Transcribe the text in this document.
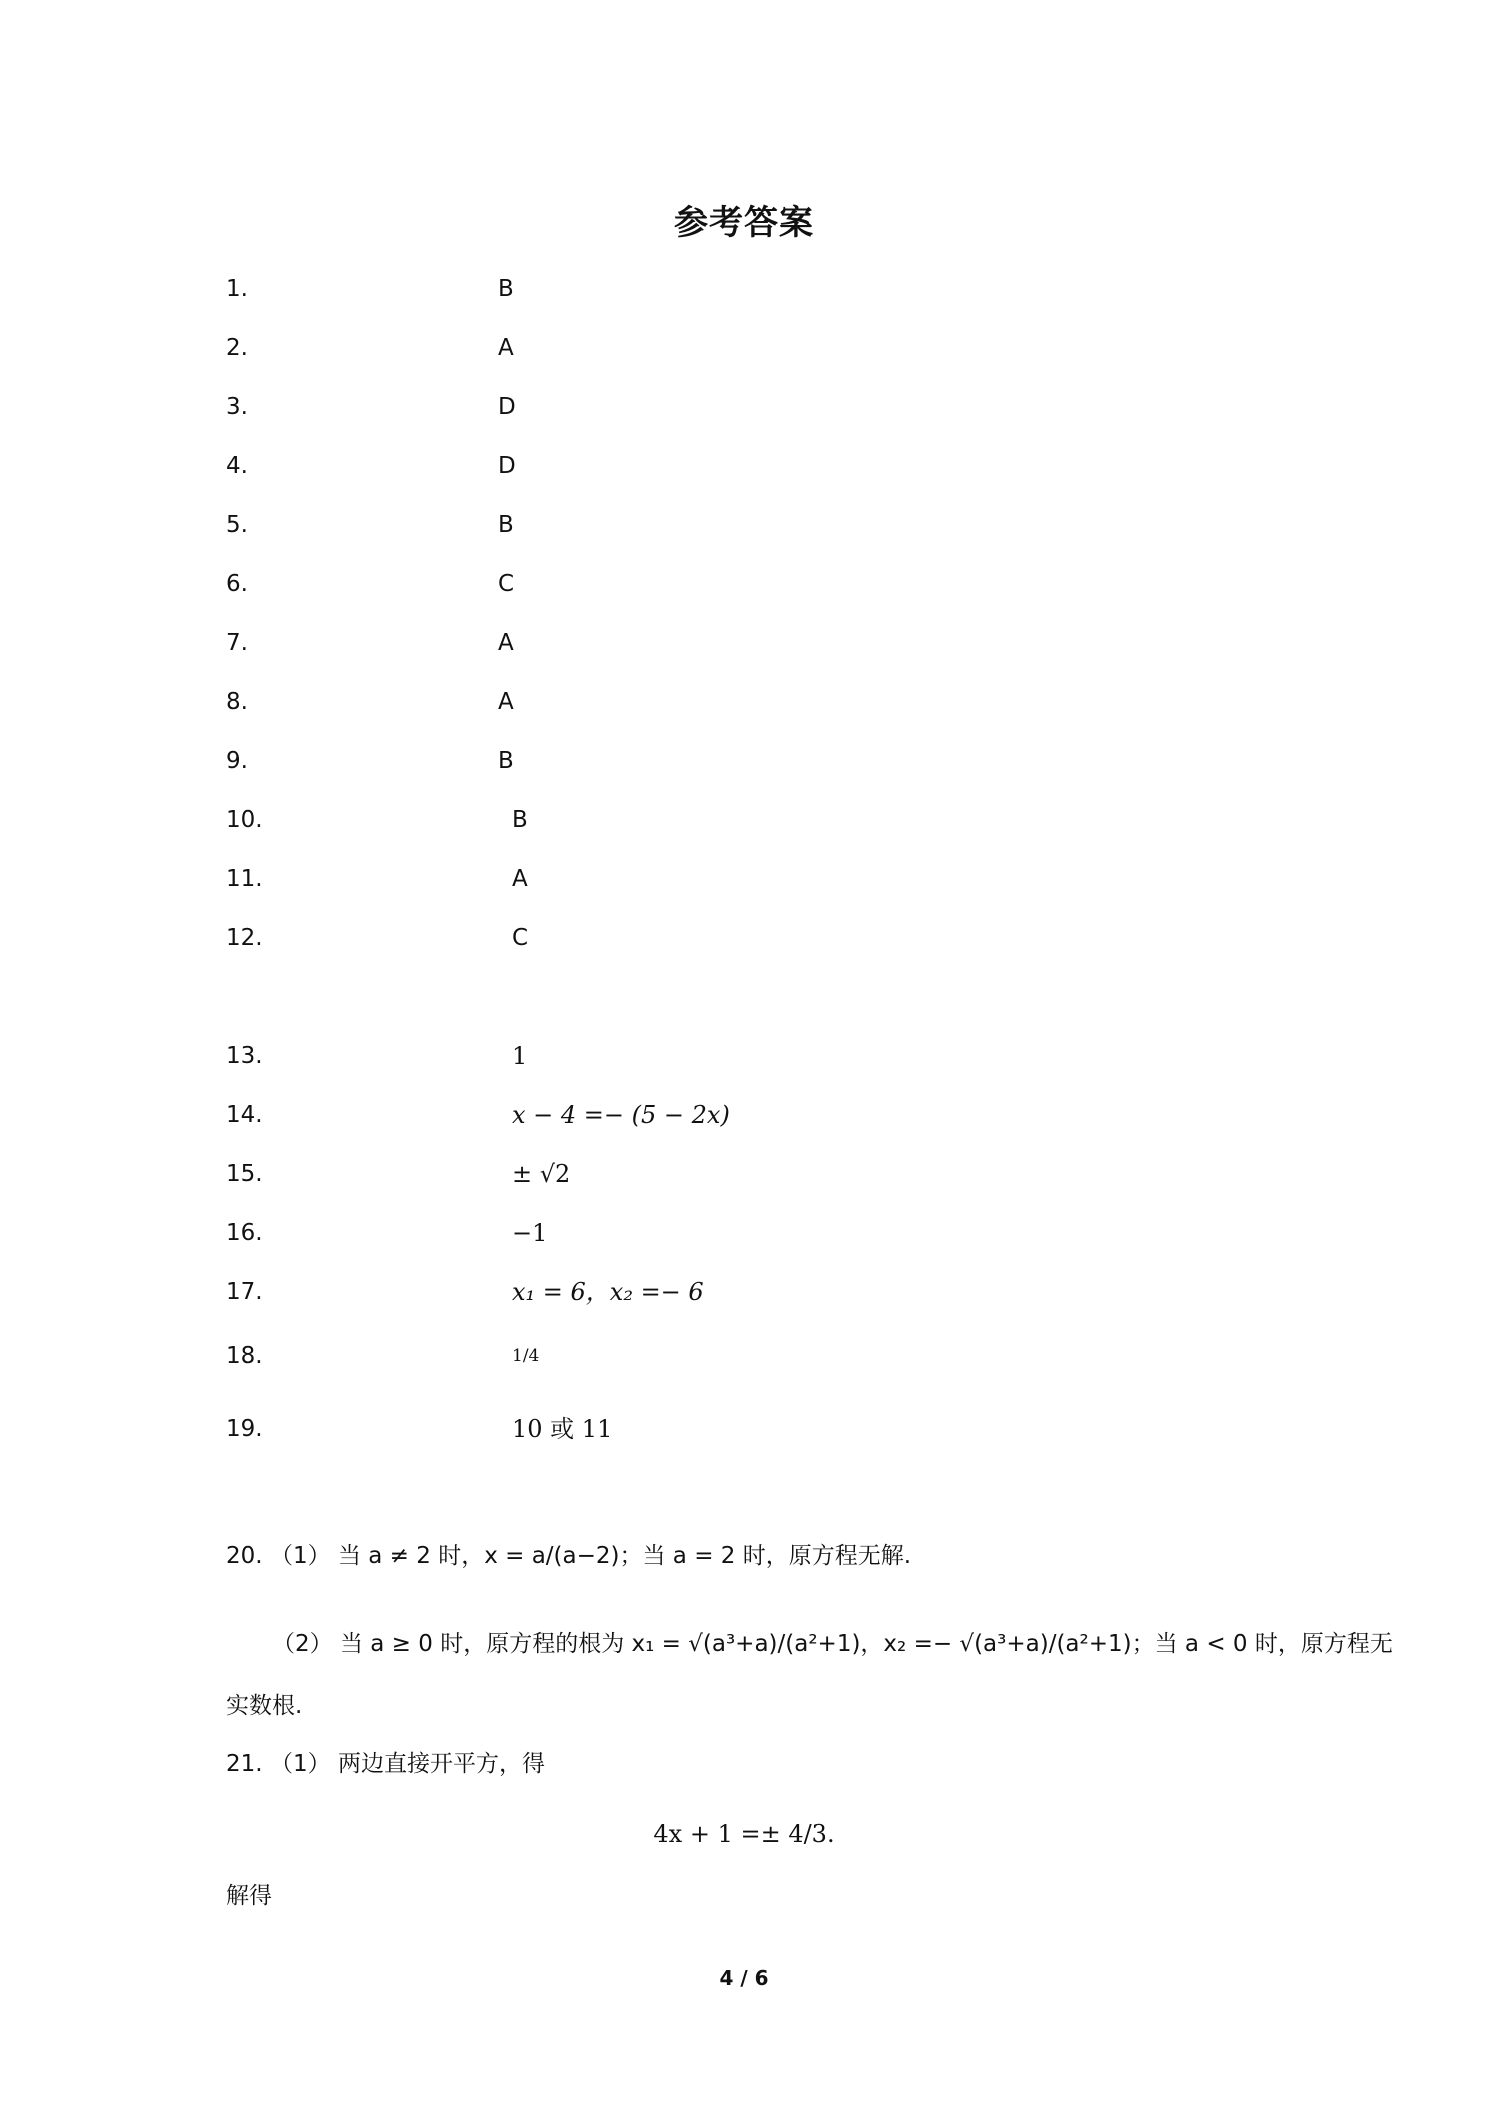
参考答案
1.	B
2.	A
3.	D
4.	D
5.	B
6.	C
7.	A
8.	A
9.	B
10.	B
11.	A
12.	C
13.	1
14.	x − 4 =− (5 − 2x)
15.	± √2
16.	−1
17.	x₁ = 6，x₂ =− 6
18.	1/4
19.	10 或 11
20. （1） 当 a ≠ 2 时，x = a/(a−2)；当 a = 2 时，原方程无解.
（2） 当 a ≥ 0 时，原方程的根为 x₁ = √(a³+a)/(a²+1)，x₂ =− √(a³+a)/(a²+1)；当 a < 0 时，原方程无
实数根.
21. （1） 两边直接开平方，得
4x + 1 =± 4/3.
解得
4 / 6
